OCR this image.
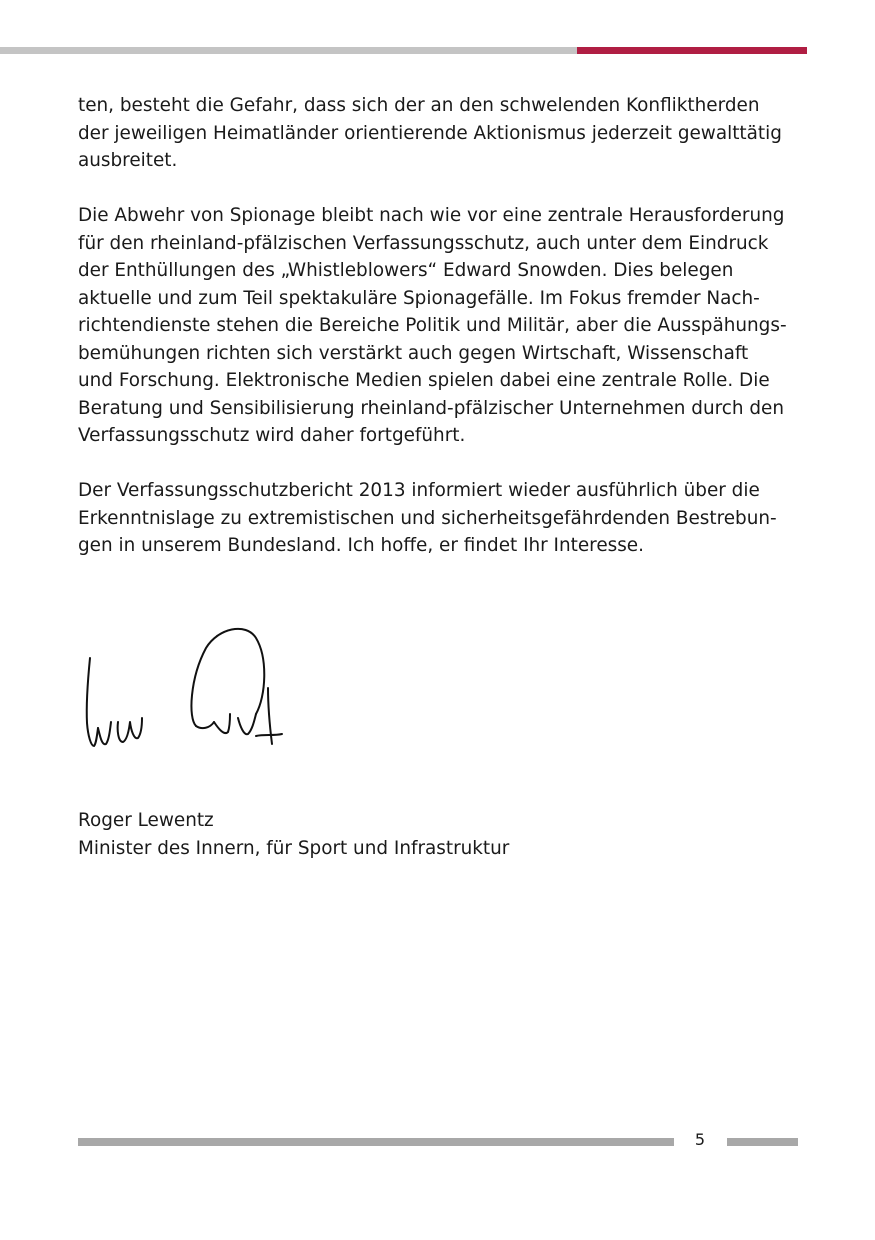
ten, besteht die Gefahr, dass sich der an den schwelenden Konfliktherden
der jeweiligen Heimatländer orientierende Aktionismus jederzeit gewalttätig
ausbreitet.

Die Abwehr von Spionage bleibt nach wie vor eine zentrale Herausforderung
für den rheinland-pfälzischen Verfassungsschutz, auch unter dem Eindruck
der Enthüllungen des „Whistleblowers“ Edward Snowden. Dies belegen
aktuelle und zum Teil spektakuläre Spionagefälle. Im Fokus fremder Nach-
richtendienste stehen die Bereiche Politik und Militär, aber die Ausspähungs-
bemühungen richten sich verstärkt auch gegen Wirtschaft, Wissenschaft
und Forschung. Elektronische Medien spielen dabei eine zentrale Rolle. Die
Beratung und Sensibilisierung rheinland-pfälzischer Unternehmen durch den
Verfassungsschutz wird daher fortgeführt.

Der Verfassungsschutzbericht 2013 informiert wieder ausführlich über die
Erkenntnislage zu extremistischen und sicherheitsgefährdenden Bestrebun-
gen in unserem Bundesland. Ich hoffe, er findet Ihr Interesse.

Roger Lewentz
Minister des Innern, für Sport und Infrastruktur
5
